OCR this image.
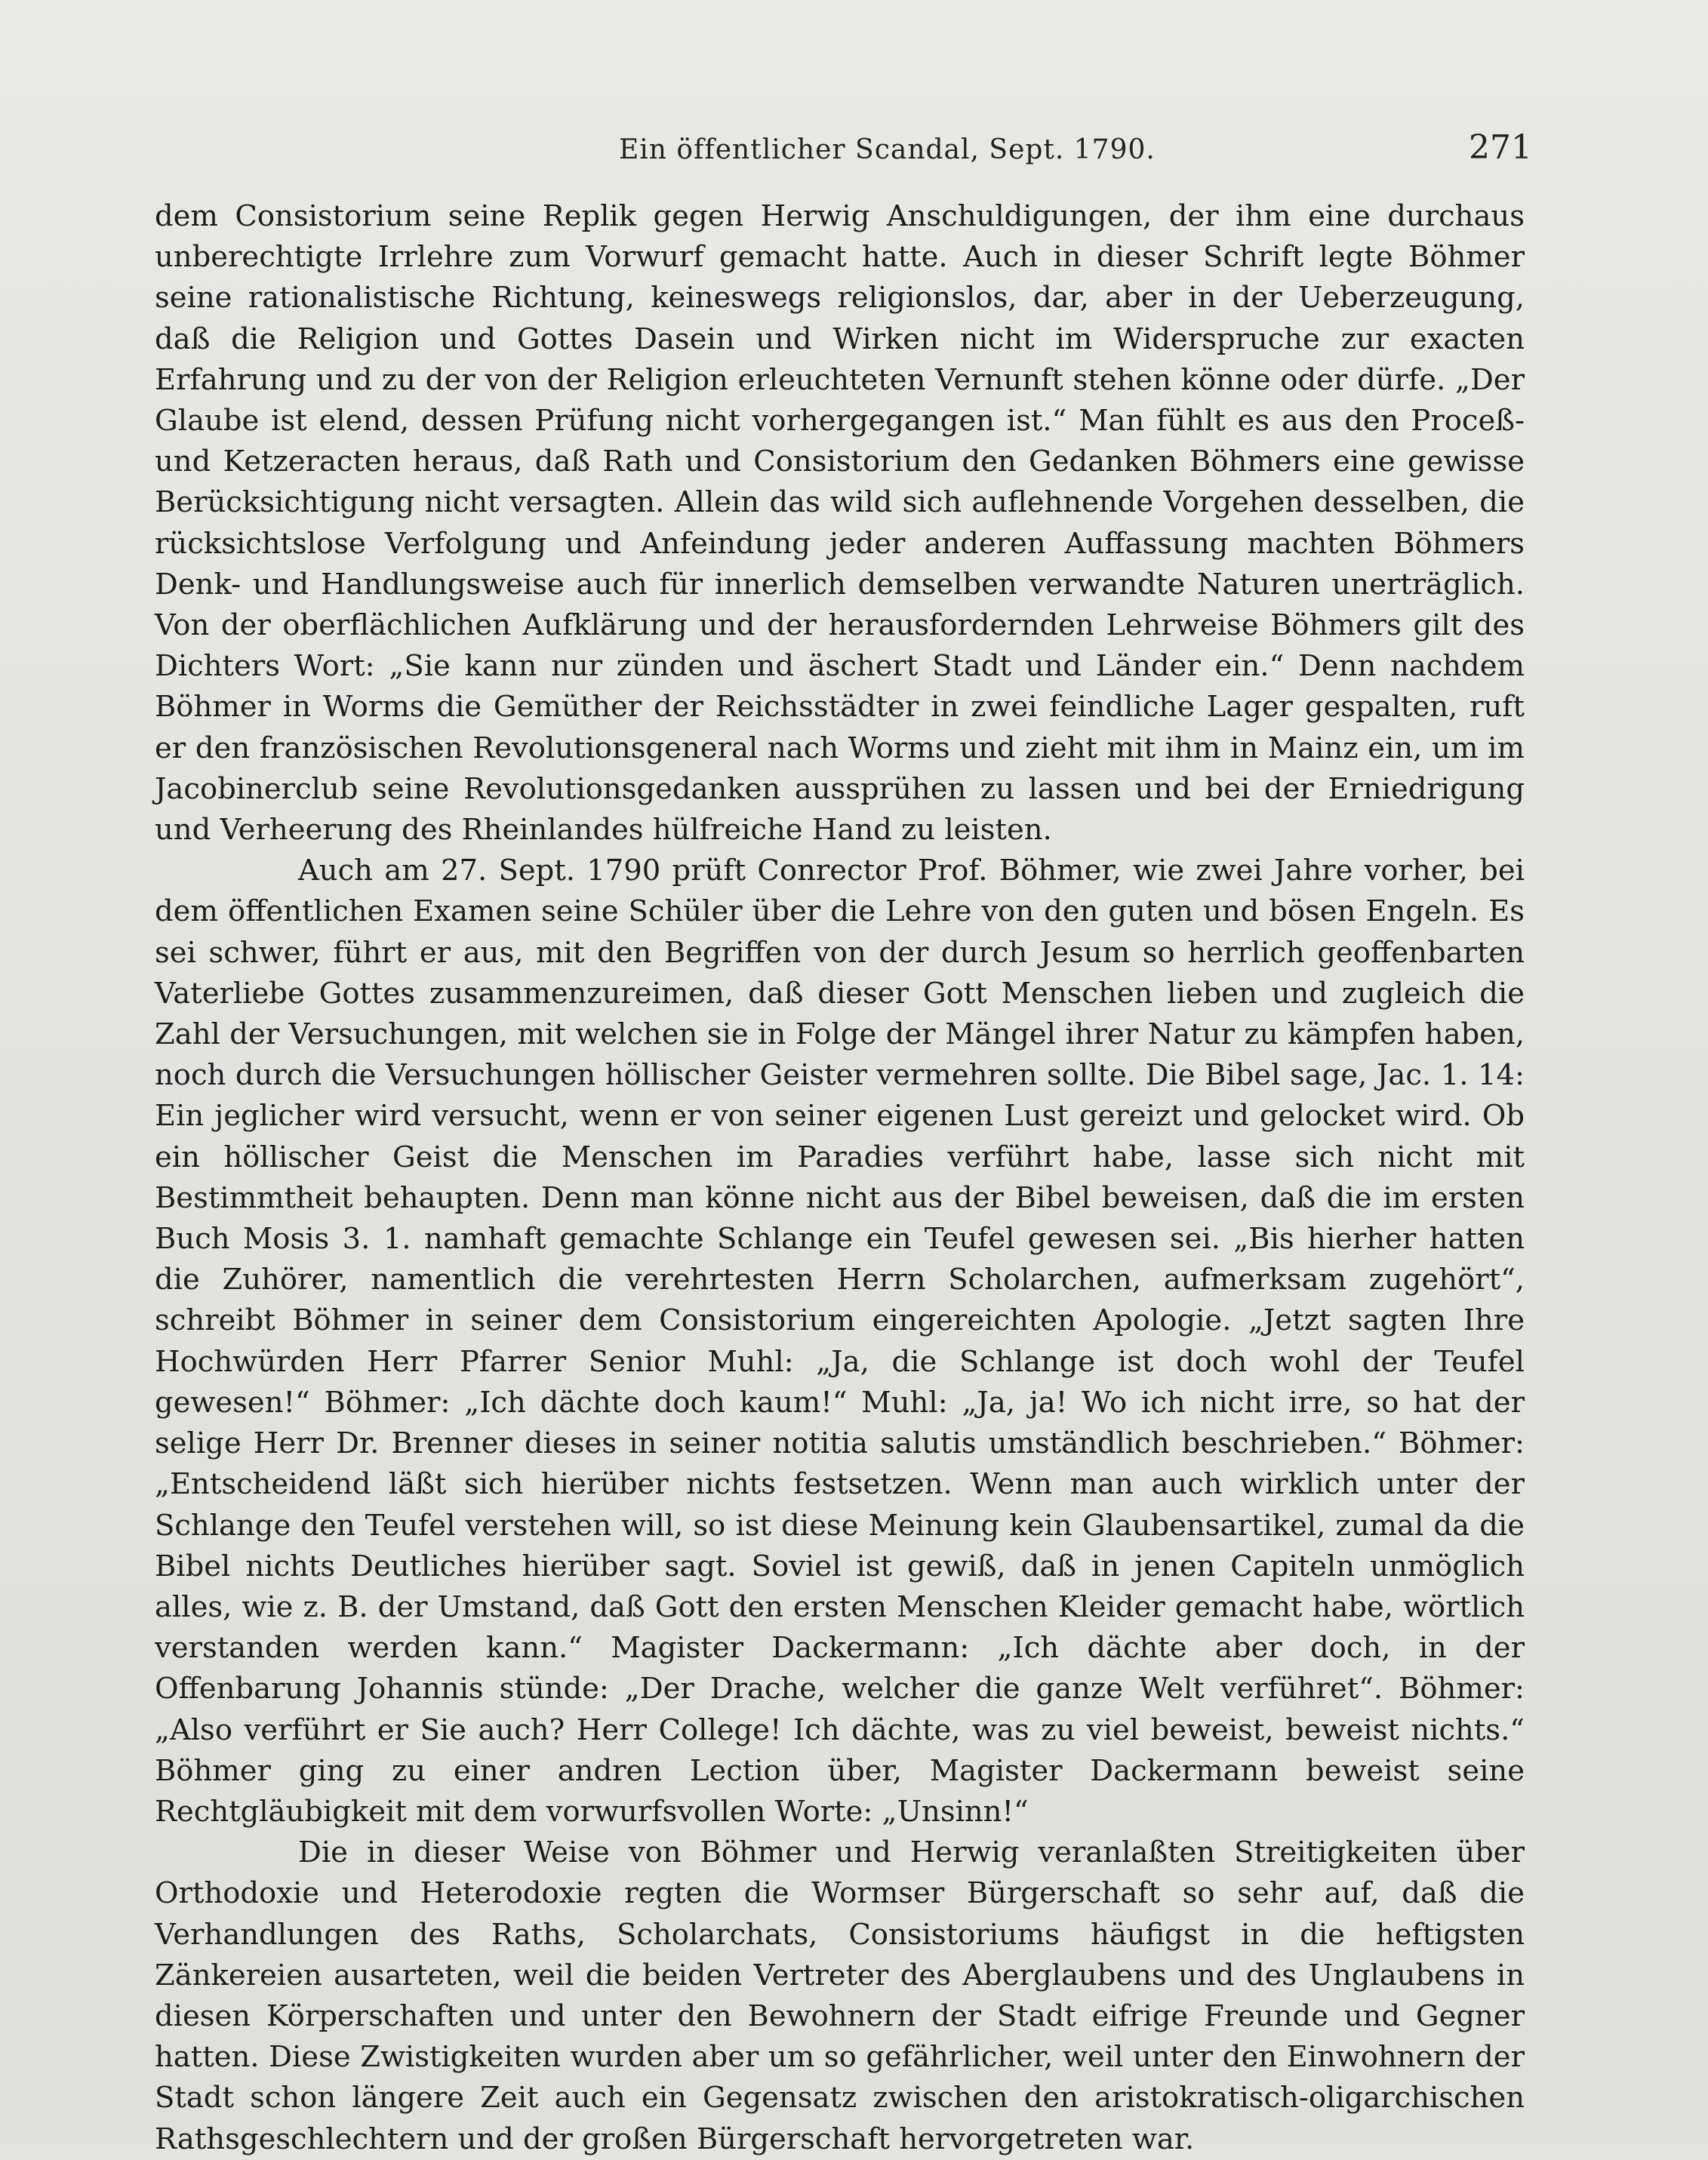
Ein öffentlicher Scandal, Sept. 1790.	271

dem Consistorium seine Replik gegen Herwig Anschuldigungen, der ihm eine durchaus unberechtigte Irrlehre zum Vorwurf gemacht hatte. Auch in dieser Schrift legte Böhmer seine rationalistische Richtung, keineswegs religionslos, dar, aber in der Ueberzeugung, daß die Religion und Gottes Dasein und Wirken nicht im Widerspruche zur exacten Erfahrung und zu der von der Religion erleuchteten Vernunft stehen könne oder dürfe. „Der Glaube ist elend, dessen Prüfung nicht vorhergegangen ist.“ Man fühlt es aus den Proceß- und Ketzeracten heraus, daß Rath und Consistorium den Gedanken Böhmers eine gewisse Berücksichtigung nicht versagten. Allein das wild sich auflehnende Vorgehen desselben, die rücksichtslose Verfolgung und Anfeindung jeder anderen Auffassung machten Böhmers Denk- und Handlungsweise auch für innerlich demselben verwandte Naturen unerträglich. Von der oberflächlichen Aufklärung und der herausfordernden Lehrweise Böhmers gilt des Dichters Wort: „Sie kann nur zünden und äschert Stadt und Länder ein.“ Denn nachdem Böhmer in Worms die Gemüther der Reichsstädter in zwei feindliche Lager gespalten, ruft er den französischen Revolutionsgeneral nach Worms und zieht mit ihm in Mainz ein, um im Jacobinerclub seine Revolutionsgedanken aussprühen zu lassen und bei der Erniedrigung und Verheerung des Rheinlandes hülfreiche Hand zu leisten.

Auch am 27. Sept. 1790 prüft Conrector Prof. Böhmer, wie zwei Jahre vorher, bei dem öffentlichen Examen seine Schüler über die Lehre von den guten und bösen Engeln. Es sei schwer, führt er aus, mit den Begriffen von der durch Jesum so herrlich geoffenbarten Vaterliebe Gottes zusammenzureimen, daß dieser Gott Menschen lieben und zugleich die Zahl der Versuchungen, mit welchen sie in Folge der Mängel ihrer Natur zu kämpfen haben, noch durch die Versuchungen höllischer Geister vermehren sollte. Die Bibel sage, Jac. 1. 14: Ein jeglicher wird versucht, wenn er von seiner eigenen Lust gereizt und gelocket wird. Ob ein höllischer Geist die Menschen im Paradies verführt habe, lasse sich nicht mit Bestimmtheit behaupten. Denn man könne nicht aus der Bibel beweisen, daß die im ersten Buch Mosis 3. 1. namhaft gemachte Schlange ein Teufel gewesen sei. „Bis hierher hatten die Zuhörer, namentlich die verehrtesten Herrn Scholarchen, aufmerksam zugehört“, schreibt Böhmer in seiner dem Consistorium eingereichten Apologie. „Jetzt sagten Ihre Hochwürden Herr Pfarrer Senior Muhl: „Ja, die Schlange ist doch wohl der Teufel gewesen!“ Böhmer: „Ich dächte doch kaum!“ Muhl: „Ja, ja! Wo ich nicht irre, so hat der selige Herr Dr. Brenner dieses in seiner notitia salutis umständlich beschrieben.“ Böhmer: „Entscheidend läßt sich hierüber nichts festsetzen. Wenn man auch wirklich unter der Schlange den Teufel verstehen will, so ist diese Meinung kein Glaubensartikel, zumal da die Bibel nichts Deutliches hierüber sagt. Soviel ist gewiß, daß in jenen Capiteln unmöglich alles, wie z. B. der Umstand, daß Gott den ersten Menschen Kleider gemacht habe, wörtlich verstanden werden kann.“ Magister Dackermann: „Ich dächte aber doch, in der Offenbarung Johannis stünde: „Der Drache, welcher die ganze Welt verführet“. Böhmer: „Also verführt er Sie auch? Herr College! Ich dächte, was zu viel beweist, beweist nichts.“ Böhmer ging zu einer andren Lection über, Magister Dackermann beweist seine Rechtgläubigkeit mit dem vorwurfsvollen Worte: „Unsinn!“

Die in dieser Weise von Böhmer und Herwig veranlaßten Streitigkeiten über Orthodoxie und Heterodoxie regten die Wormser Bürgerschaft so sehr auf, daß die Verhandlungen des Raths, Scholarchats, Consistoriums häufigst in die heftigsten Zänkereien ausarteten, weil die beiden Vertreter des Aberglaubens und des Unglaubens in diesen Körperschaften und unter den Bewohnern der Stadt eifrige Freunde und Gegner hatten. Diese Zwistigkeiten wurden aber um so gefährlicher, weil unter den Einwohnern der Stadt schon längere Zeit auch ein Gegensatz zwischen den aristokratisch-oligarchischen Rathsgeschlechtern und der großen Bürgerschaft hervorgetreten war.
